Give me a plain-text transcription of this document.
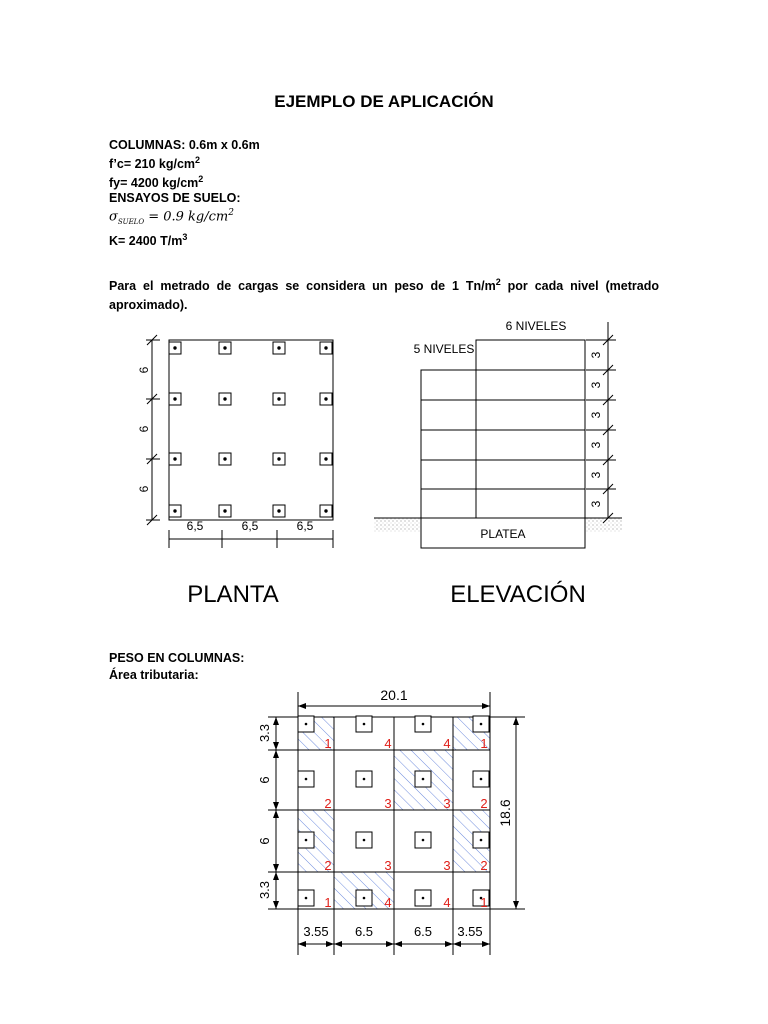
EJEMPLO DE APLICACIÓN
COLUMNAS: 0.6m x 0.6m
f’c= 210 $kg/cm^2$
fy= 4200 $kg/cm^2$
ENSAYOS DE SUELO:
$\sigma_{SUELO} = 0.9$ $kg/cm^2$
K= 2400 $T/m^3$
Para el metrado de cargas se considera un peso de 1 $Tn/m^2$ por cada nivel (metrado aproximado).
PESO EN COLUMNAS:
Área tributaria:
6
6
6
6,5	6,5	6,5
PLANTA
6 NIVELES
5 NIVELES
PLATEA
3
3
3
3
3
3
ELEVACIÓN
1	4	4 1
2	3	3 2
2	3	3 2
1	4	4 1
20.1
18.6
3.3
6
6
3.3
3.55 6.5	6.5 3.55
